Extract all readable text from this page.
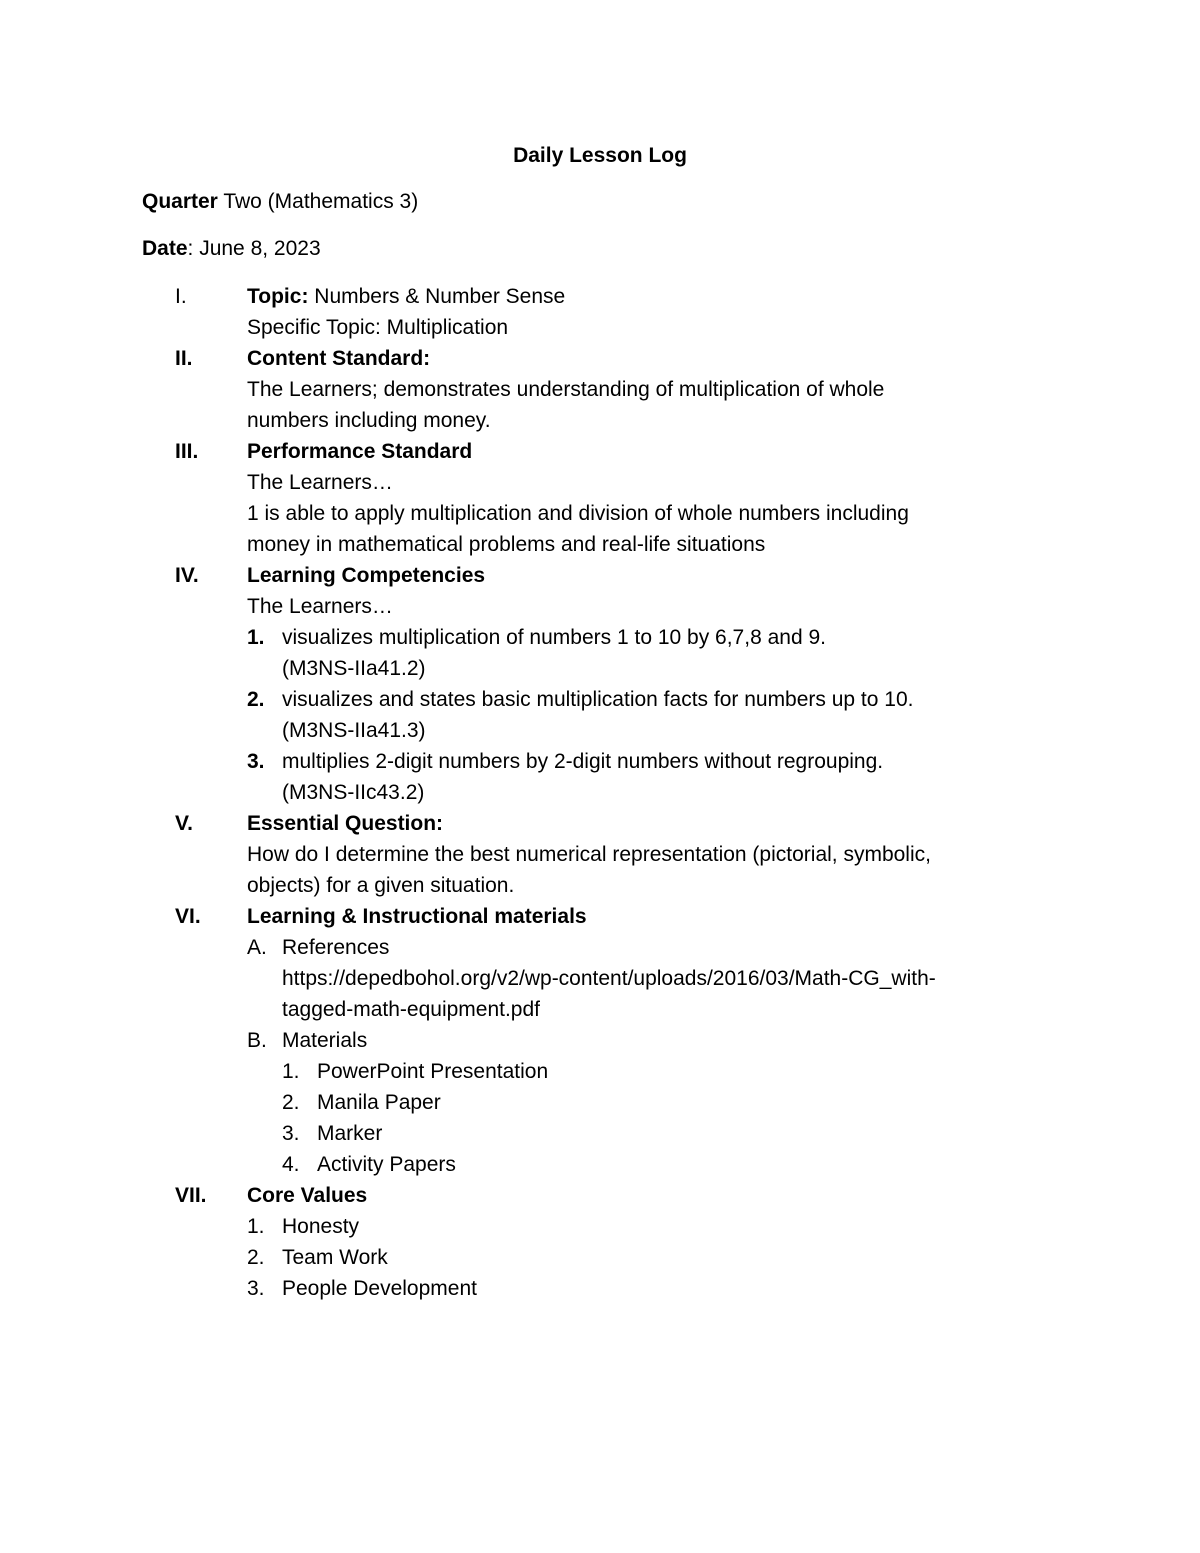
Daily Lesson Log
Quarter Two (Mathematics 3)
Date: June 8, 2023
I.	Topic: Numbers & Number Sense
Specific Topic: Multiplication
II.	Content Standard:
The Learners; demonstrates understanding of multiplication of whole
numbers including money.
III. Performance Standard
The Learners…
1 is able to apply multiplication and division of whole numbers including
money in mathematical problems and real-life situations
IV. Learning Competencies
The Learners…
1. visualizes multiplication of numbers 1 to 10 by 6,7,8 and 9.
(M3NS-IIa41.2)
2. visualizes and states basic multiplication facts for numbers up to 10.
(M3NS-IIa41.3)
3. multiplies 2-digit numbers by 2-digit numbers without regrouping.
(M3NS-IIc43.2)
V.	Essential Question:
How do I determine the best numerical representation (pictorial, symbolic,
objects) for a given situation.
VI. Learning & Instructional materials
A. References
https://depedbohol.org/v2/wp-content/uploads/2016/03/Math-CG_with-
tagged-math-equipment.pdf
B. Materials
1. PowerPoint Presentation
2. Manila Paper
3. Marker
4. Activity Papers
VII. Core Values
1. Honesty
2. Team Work
3. People Development
